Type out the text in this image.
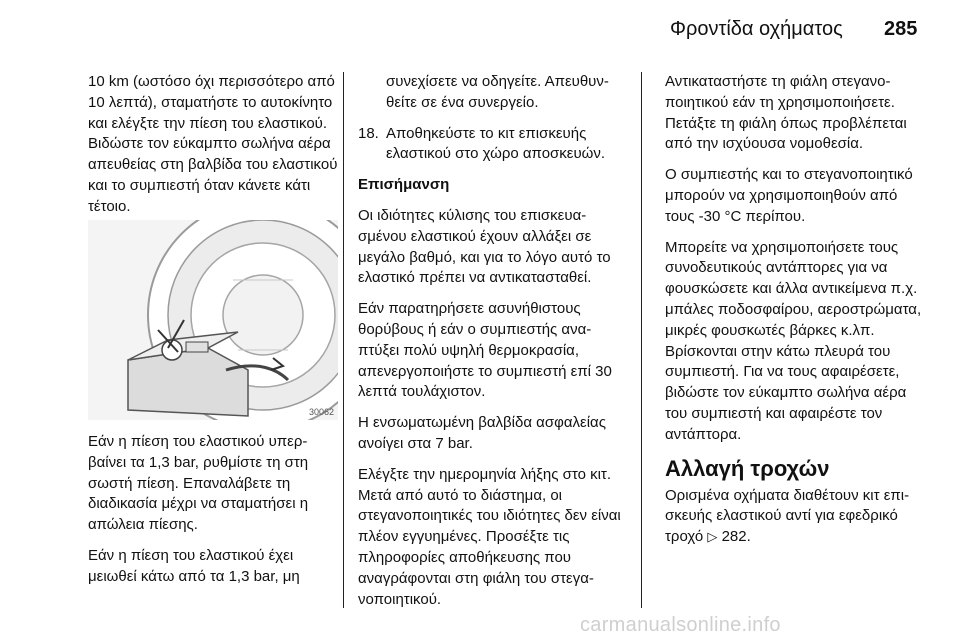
Φροντίδα οχήματος 285

10 km (ωστόσο όχι περισσότερο από 10 λεπτά), σταματήστε το αυτοκίνητο και ελέγξτε την πίεση του ελαστικού. Βιδώστε τον εύκαμπτο σωλήνα αέρα απευθείας στη βαλβίδα του ελαστικού και το συμπιεστή όταν κάνετε κάτι τέτοιο.

30062

Εάν η πίεση του ελαστικού υπερβαίνει τα 1,3 bar, ρυθμίστε τη στη σωστή πίεση. Επαναλάβετε τη διαδικασία μέχρι να σταματήσει η απώλεια πίεσης.

Εάν η πίεση του ελαστικού έχει μειωθεί κάτω από τα 1,3 bar, μη

συνεχίσετε να οδηγείτε. Απευθυνθείτε σε ένα συνεργείο.

18. Αποθηκεύστε το κιτ επισκευής ελαστικού στο χώρο αποσκευών.

Επισήμανση

Οι ιδιότητες κύλισης του επισκευασμένου ελαστικού έχουν αλλάξει σε μεγάλο βαθμό, και για το λόγο αυτό το ελαστικό πρέπει να αντικατασταθεί.

Εάν παρατηρήσετε ασυνήθιστους θορύβους ή εάν ο συμπιεστής αναπτύξει πολύ υψηλή θερμοκρασία, απενεργοποιήστε το συμπιεστή επί 30 λεπτά τουλάχιστον.

Η ενσωματωμένη βαλβίδα ασφαλείας ανοίγει στα 7 bar.

Ελέγξτε την ημερομηνία λήξης στο κιτ. Μετά από αυτό το διάστημα, οι στεγανοποιητικές του ιδιότητες δεν είναι πλέον εγγυημένες. Προσέξτε τις πληροφορίες αποθήκευσης που αναγράφονται στη φιάλη του στεγανοποιητικού.

Αντικαταστήστε τη φιάλη στεγανοποιητικού εάν τη χρησιμοποιήσετε. Πετάξτε τη φιάλη όπως προβλέπεται από την ισχύουσα νομοθεσία.

Ο συμπιεστής και το στεγανοποιητικό μπορούν να χρησιμοποιηθούν από τους -30 °C περίπου.

Μπορείτε να χρησιμοποιήσετε τους συνοδευτικούς αντάπτορες για να φουσκώσετε και άλλα αντικείμενα π.χ. μπάλες ποδοσφαίρου, αεροστρώματα, μικρές φουσκωτές βάρκες κ.λπ. Βρίσκονται στην κάτω πλευρά του συμπιεστή. Για να τους αφαιρέσετε, βιδώστε τον εύκαμπτο σωλήνα αέρα του συμπιεστή και αφαιρέστε τον αντάπτορα.

Αλλαγή τροχών

Ορισμένα οχήματα διαθέτουν κιτ επισκευής ελαστικού αντί για εφεδρικό τροχό ▷ 282.

carmanualsonline.info
